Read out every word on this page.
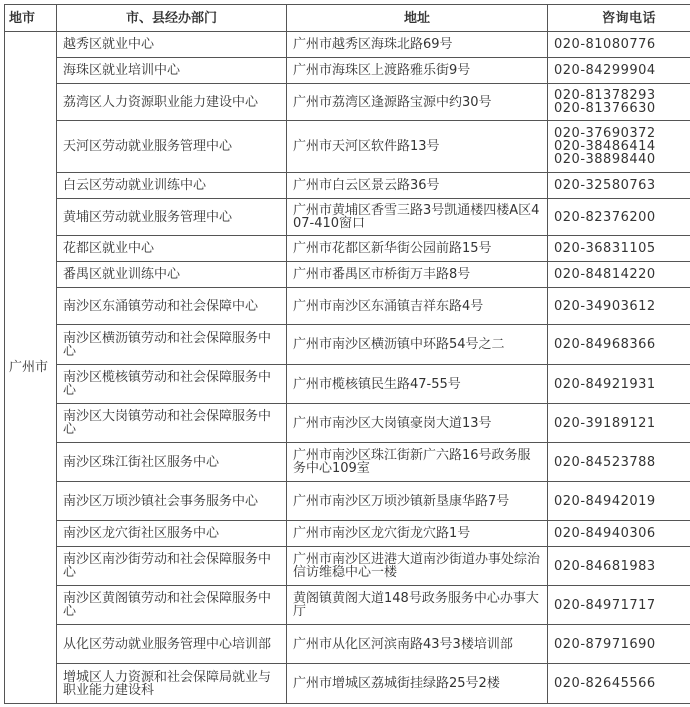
地市	市、县经办部门	地址	咨询电话
广州市	越秀区就业中心	广州市越秀区海珠北路69号	020-81080776

	海珠区就业培训中心	广州市海珠区上渡路雅乐街9号	020-84299904

	荔湾区人力资源职业能力建设中心	广州市荔湾区逢源路宝源中约30号	020-81378293
020-81376630

	天河区劳动就业服务管理中心	广州市天河区软件路13号	020-37690372
020-38486414
020-38898440

	白云区劳动就业训练中心	广州市白云区景云路36号	020-32580763

	黄埔区劳动就业服务管理中心	广州市黄埔区香雪三路3号凯通楼四楼A区407-410窗口	020-82376200

	花都区就业中心	广州市花都区新华街公园前路15号	020-36831105

	番禺区就业训练中心	广州市番禺区市桥街万丰路8号	020-84814220

	南沙区东涌镇劳动和社会保障中心	广州市南沙区东涌镇吉祥东路4号	020-34903612

	南沙区横沥镇劳动和社会保障服务中心	广州市南沙区横沥镇中环路54号之二	020-84968366

	南沙区榄核镇劳动和社会保障服务中心	广州市榄核镇民生路47-55号	020-84921931

	南沙区大岗镇劳动和社会保障服务中心	广州市南沙区大岗镇豪岗大道13号	020-39189121

	南沙区珠江街社区服务中心	广州市南沙区珠江街新广六路16号政务服务中心109室	020-84523788

	南沙区万顷沙镇社会事务服务中心	广州市南沙区万顷沙镇新垦康华路7号	020-84942019

	南沙区龙穴街社区服务中心	广州市南沙区龙穴街龙穴路1号	020-84940306

	南沙区南沙街劳动和社会保障服务中心	广州市南沙区进港大道南沙街道办事处综治信访维稳中心一楼	020-84681983

	南沙区黄阁镇劳动和社会保障服务中心	黄阁镇黄阁大道148号政务服务中心办事大厅	020-84971717

	从化区劳动就业服务管理中心培训部	广州市从化区河滨南路43号3楼培训部	020-87971690

	增城区人力资源和社会保障局就业与职业能力建设科	广州市增城区荔城街挂绿路25号2楼	020-82645566
